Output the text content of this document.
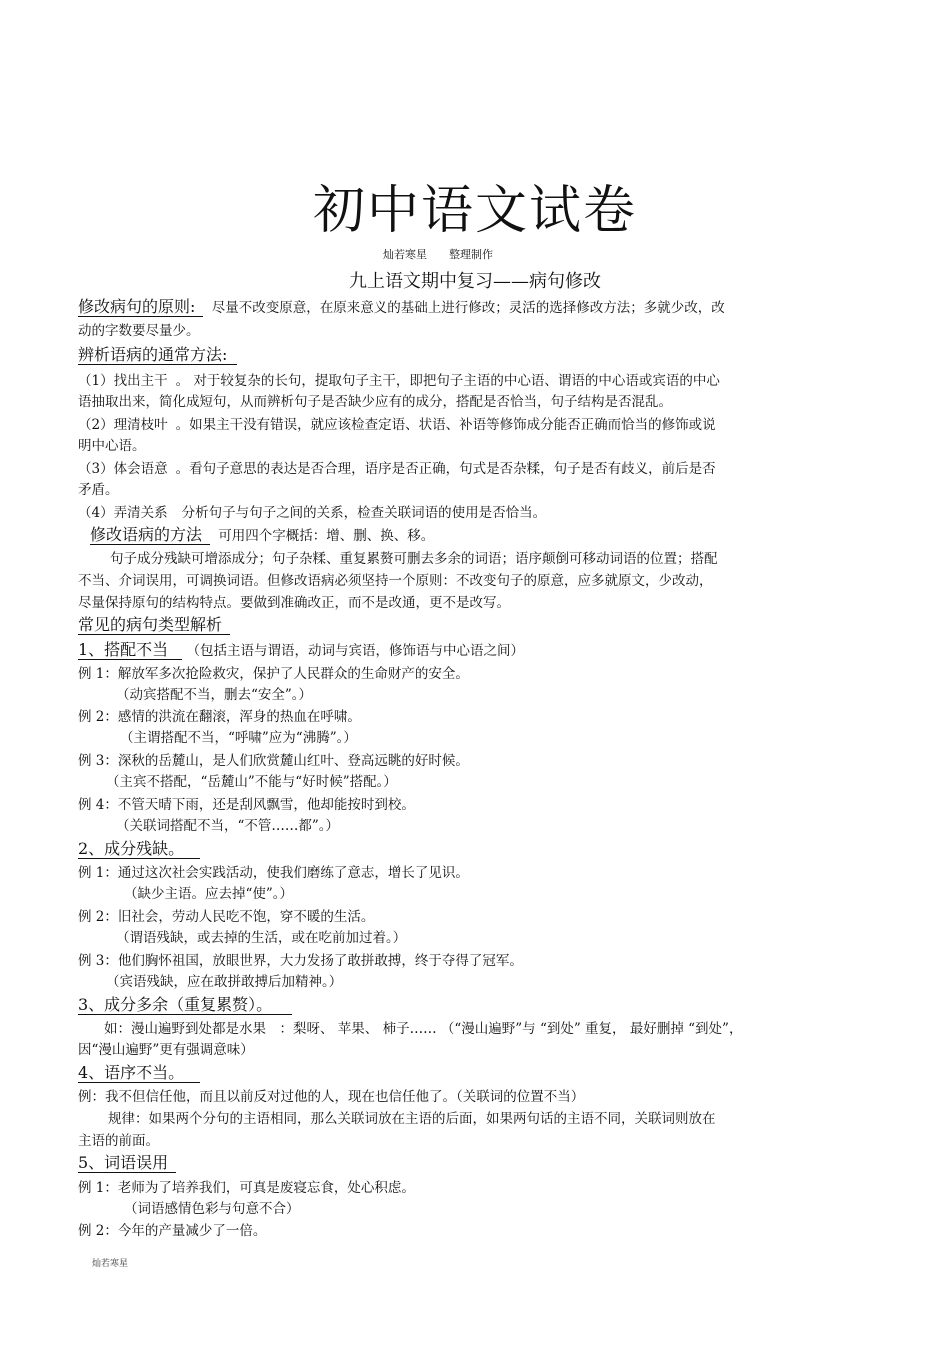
初中语文试卷
灿若寒星 整理制作
九上语文期中复习——病句修改
修改病句的原则: 尽量不改变原意，在原来意义的基础上进行修改；灵活的选择修改方法；多就少改，改
动的字数要尽量少。
辨析语病的通常方法:
（1）找出主干 。 对于较复杂的长句，提取句子主干，即把句子主语的中心语、谓语的中心语或宾语的中心
语抽取出来，简化成短句，从而辨析句子是否缺少应有的成分，搭配是否恰当，句子结构是否混乱。
（2）理清枝叶 。如果主干没有错误，就应该检查定语、状语、补语等修饰成分能否正确而恰当的修饰或说
明中心语。
（3）体会语意 。看句子意思的表达是否合理，语序是否正确，句式是否杂糅，句子是否有歧义，前后是否
矛盾。
（4）弄清关系 分析句子与句子之间的关系，检查关联词语的使用是否恰当。
修改语病的方法 可用四个字概括：增、删、换、移。
句子成分残缺可增添成分；句子杂糅、重复累赘可删去多余的词语；语序颠倒可移动词语的位置；搭配
不当、介词误用，可调换词语。但修改语病必须坚持一个原则：不改变句子的原意，应多就原文，少改动，
尽量保持原句的结构特点。要做到准确改正，而不是改通，更不是改写。
常见的病句类型解析
1、搭配不当 （包括主语与谓语，动词与宾语，修饰语与中心语之间）
例 1：解放军多次抢险救灾，保护了人民群众的生命财产的安全。
（动宾搭配不当，删去“安全”。）
例 2：感情的洪流在翻滚，浑身的热血在呼啸。
（主谓搭配不当，“呼啸”应为“沸腾”。）
例 3：深秋的岳麓山，是人们欣赏麓山红叶、登高远眺的好时候。
（主宾不搭配，“岳麓山”不能与“好时候”搭配。）
例 4：不管天晴下雨，还是刮风飘雪，他却能按时到校。
（关联词搭配不当，“不管……都”。）
2、成分残缺。
例 1：通过这次社会实践活动，使我们磨练了意志，增长了见识。
（缺少主语。应去掉“使”。）
例 2：旧社会，劳动人民吃不饱，穿不暖的生活。
（谓语残缺，或去掉的生活，或在吃前加过着。）
例 3：他们胸怀祖国，放眼世界，大力发扬了敢拼敢搏，终于夺得了冠军。
（宾语残缺，应在敢拼敢搏后加精神。）
3、成分多余（重复累赘）。
如：漫山遍野到处都是水果　：梨呀、 苹果、 柿子…… （“漫山遍野”与 “到处” 重复， 最好删掉 “到处”，
因“漫山遍野”更有强调意味）
4、语序不当。
例：我不但信任他，而且以前反对过他的人，现在也信任他了。（关联词的位置不当）
规律：如果两个分句的主语相同，那么关联词放在主语的后面，如果两句话的主语不同，关联词则放在
主语的前面。
5、词语误用
例 1：老师为了培养我们，可真是废寝忘食，处心积虑。
（词语感情色彩与句意不合）
例 2：今年的产量减少了一倍。
灿若寒星
